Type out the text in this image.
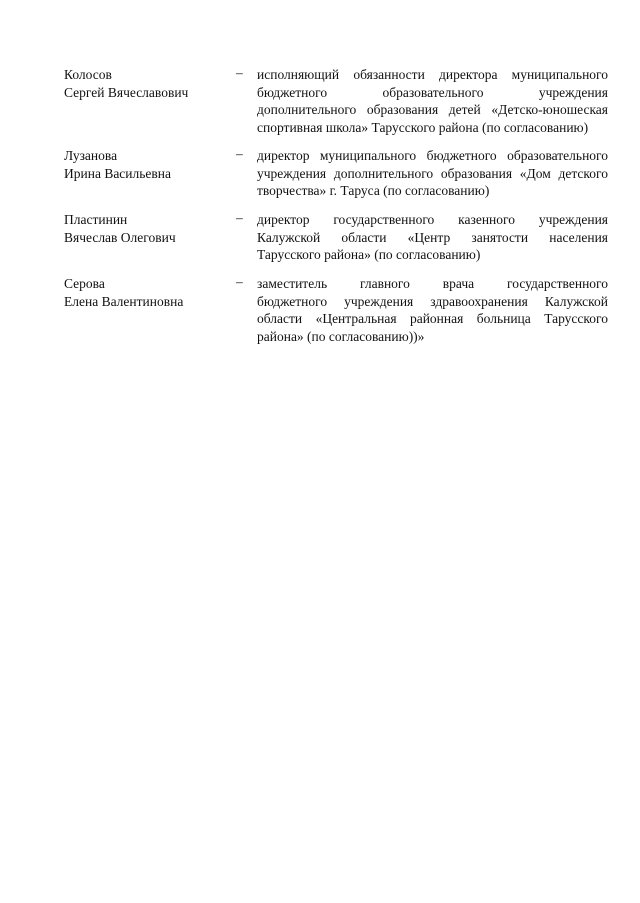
Колосов
Сергей Вячеславович
– исполняющий обязанности директора муниципального
бюджетного образовательного учреждения
дополнительного образования детей «Детско-юношеская
спортивная школа» Тарусского района (по согласованию)
Лузанова
Ирина Васильевна
– директор муниципального бюджетного образовательного
учреждения дополнительного образования «Дом детского
творчества» г. Таруса (по согласованию)
Пластинин
Вячеслав Олегович
– директор государственного казенного учреждения
Калужской области «Центр занятости населения
Тарусского района» (по согласованию)
Серова
Елена Валентиновна
– заместитель главного врача государственного
бюджетного учреждения здравоохранения Калужской
области «Центральная районная больница Тарусского
района» (по согласованию))»
